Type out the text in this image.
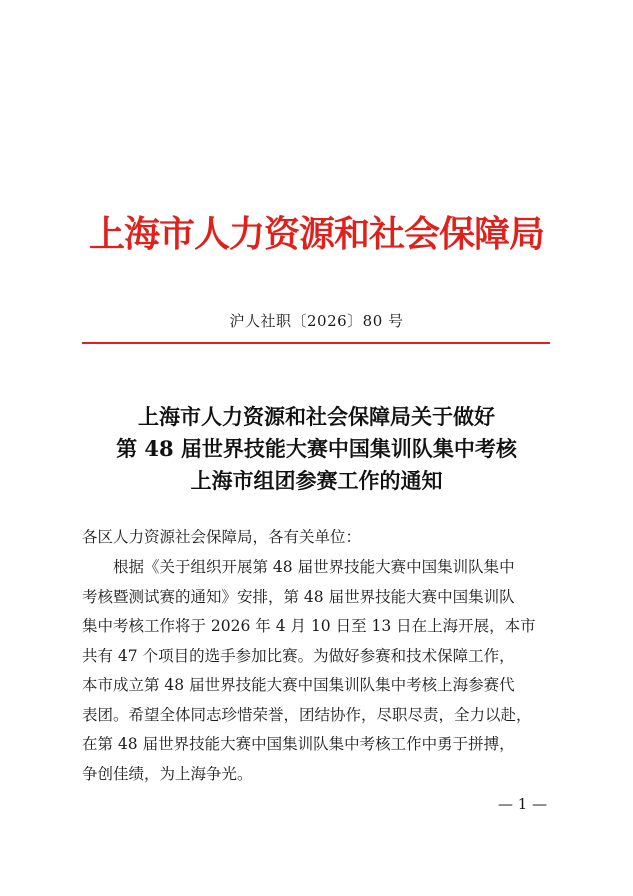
上海市人力资源和社会保障局
沪人社职〔2026〕80 号
上海市人力资源和社会保障局关于做好
第 48 届世界技能大赛中国集训队集中考核
上海市组团参赛工作的通知
各区人力资源社会保障局，各有关单位：
　　根据《关于组织开展第 48 届世界技能大赛中国集训队集中
考核暨测试赛的通知》安排，第 48 届世界技能大赛中国集训队
集中考核工作将于 2026 年 4 月 10 日至 13 日在上海开展，本市
共有 47 个项目的选手参加比赛。为做好参赛和技术保障工作，
本市成立第 48 届世界技能大赛中国集训队集中考核上海参赛代
表团。希望全体同志珍惜荣誉，团结协作，尽职尽责，全力以赴，
在第 48 届世界技能大赛中国集训队集中考核工作中勇于拼搏，
争创佳绩，为上海争光。
— 1 —
